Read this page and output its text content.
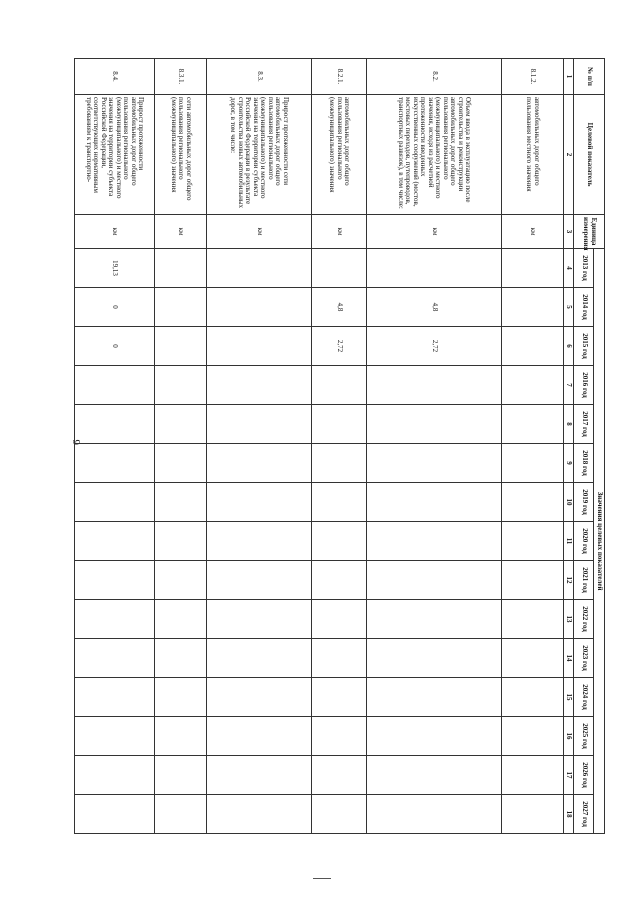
6
№ п/п	Целевой показатель	Единица измерения	Значения целевых показателей														
			2013 год	2014 год	2015 год	2016 год	2017 год	2018 год	2019 год	2020 год	2021 год	2022 год	2023 год	2024 год	2025 год	2026 год	2027 год
1	2	3	4	5	6	7	8	9	10	11	12	13	14	15	16	17	18
8.1.2.	автомобильных дорог общего пользования местного значения	км															
8.2.	Объем ввода в эксплуатацию после строительства и реконструкции автомобильных дорог общего пользования регионального (межмуниципального) и местного значения, исходя из расчетной протяженности введенных искусственных сооружений (мостов, мостовых переходов, путепроводов, транспортных развязок), в том числе:	км		4,8	2,72												
8.2.1.	автомобильных дорог общего пользования регионального (межмуниципального) значения	км		4,8	2,72												
8.3.	Прирост протяженности сети автомобильных дорог общего пользования регионального (межмуниципального) и местного значения на территории субъекта Российской Федерации в результате строительства новых автомобильных дорог, в том числе:	км															
8.3.1.	сети автомобильных дорог общего пользования регионального (межмуниципального) значения	км															
8.4.	Прирост протяженности автомобильных дорог общего пользования регионального (межмуниципального) и местного значения на территории субъекта Российской Федерации, соответствующих нормативным требованиям к транспортно-	км	19,13	0	0												
